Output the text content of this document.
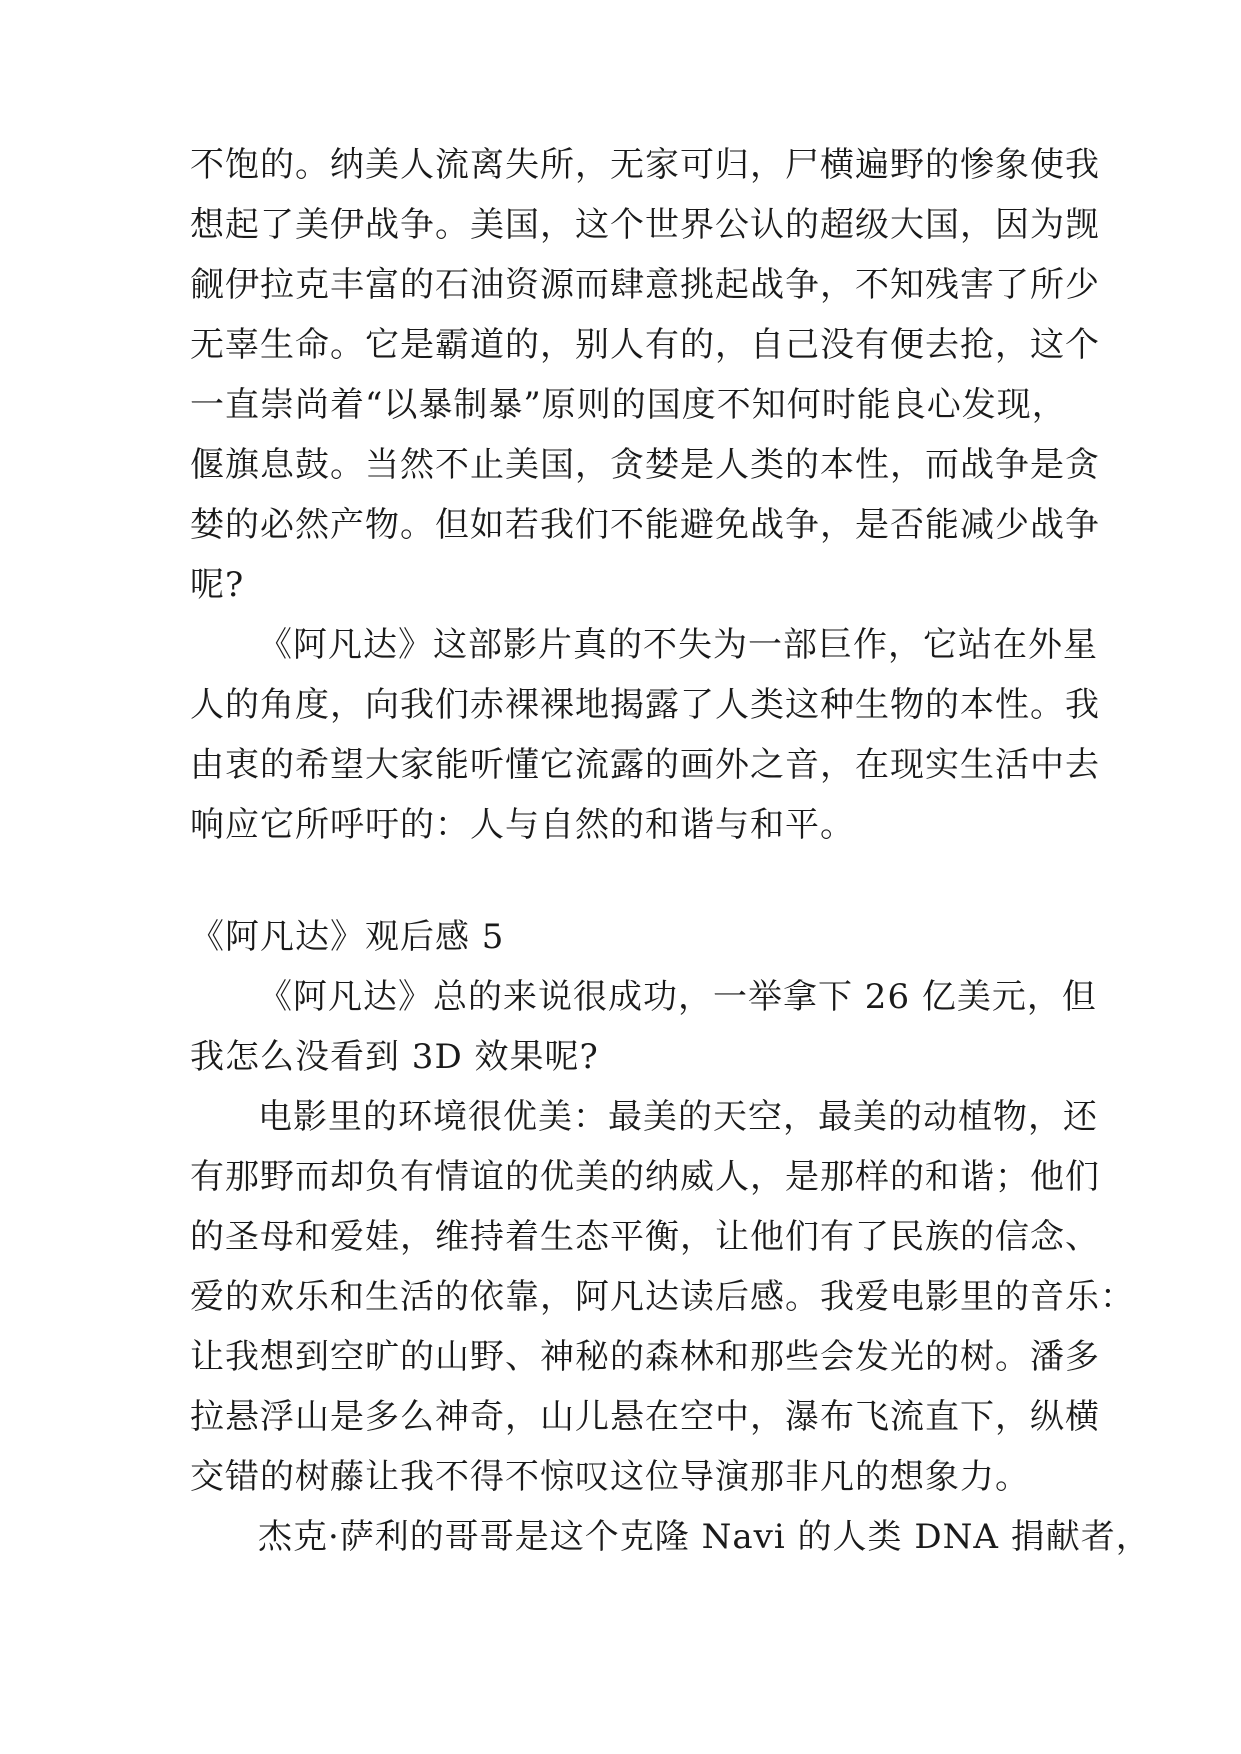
不饱的。纳美人流离失所，无家可归，尸横遍野的惨象使我
想起了美伊战争。美国，这个世界公认的超级大国，因为觊
觎伊拉克丰富的石油资源而肆意挑起战争，不知残害了所少
无辜生命。它是霸道的，别人有的，自己没有便去抢，这个
一直崇尚着“以暴制暴”原则的国度不知何时能良心发现，
偃旗息鼓。当然不止美国，贪婪是人类的本性，而战争是贪
婪的必然产物。但如若我们不能避免战争，是否能减少战争
呢?
《阿凡达》这部影片真的不失为一部巨作，它站在外星
人的角度，向我们赤裸裸地揭露了人类这种生物的本性。我
由衷的希望大家能听懂它流露的画外之音，在现实生活中去
响应它所呼吁的：人与自然的和谐与和平。
《阿凡达》观后感 5
《阿凡达》总的来说很成功，一举拿下 26 亿美元，但
我怎么没看到 3D 效果呢?
电影里的环境很优美：最美的天空，最美的动植物，还
有那野而却负有情谊的优美的纳威人，是那样的和谐；他们
的圣母和爱娃，维持着生态平衡，让他们有了民族的信念、
爱的欢乐和生活的依靠，阿凡达读后感。我爱电影里的音乐：
让我想到空旷的山野、神秘的森林和那些会发光的树。潘多
拉悬浮山是多么神奇，山儿悬在空中，瀑布飞流直下，纵横
交错的树藤让我不得不惊叹这位导演那非凡的想象力。
杰克·萨利的哥哥是这个克隆 Navi 的人类 DNA 捐献者，
